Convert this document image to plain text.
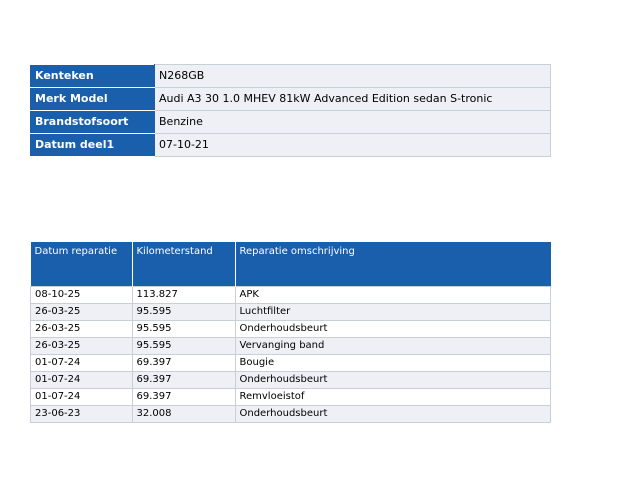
Kenteken	N268GB
Merk Model	Audi A3 30 1.0 MHEV 81kW Advanced Edition sedan S-tronic
Brandstofsoort	Benzine
Datum deel1	07-10-21
Datum reparatie	Kilometerstand	Reparatie omschrijving
08-10-25	113.827	APK
26-03-25	95.595	Luchtfilter
26-03-25	95.595	Onderhoudsbeurt
26-03-25	95.595	Vervanging band
01-07-24	69.397	Bougie
01-07-24	69.397	Onderhoudsbeurt
01-07-24	69.397	Remvloeistof
23-06-23	32.008	Onderhoudsbeurt
